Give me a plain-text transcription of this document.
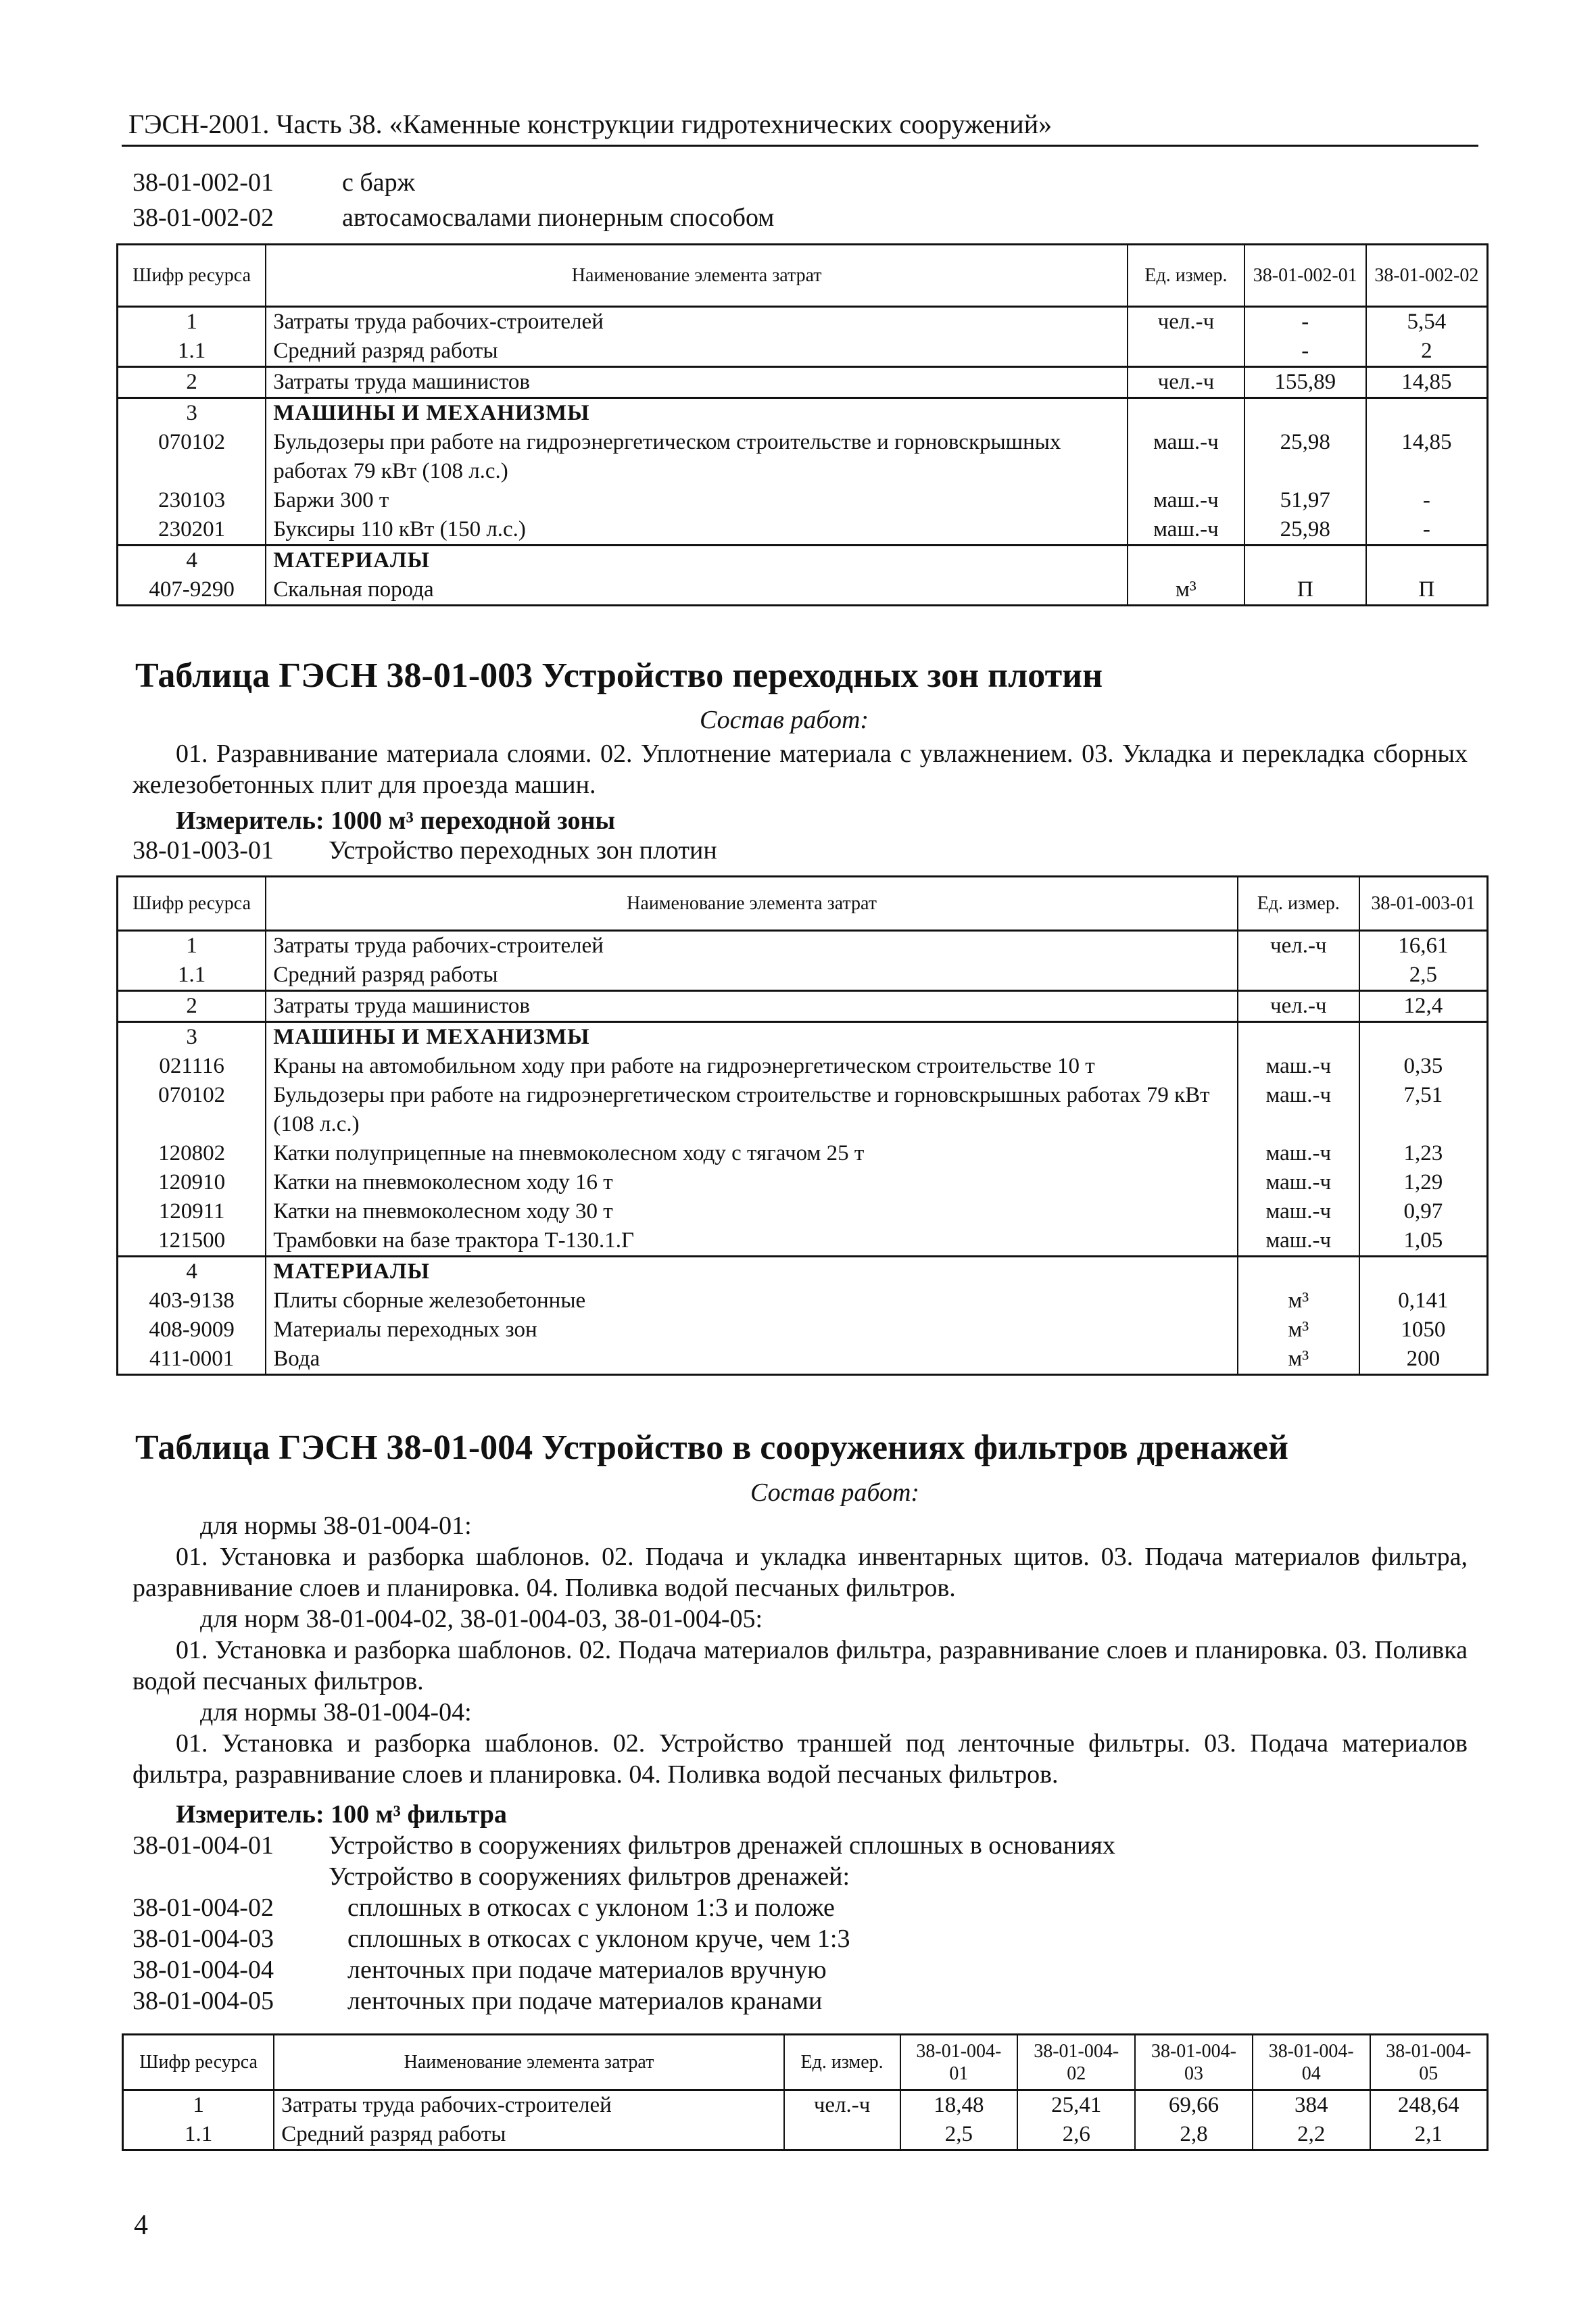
ГЭСН-2001. Часть 38. «Каменные конструкции гидротехнических сооружений»
38-01-002-01	с барж
38-01-002-02	автосамосвалами пионерным способом
Шифр ресурса	Наименование элемента затрат	Ед. измер.	38-01-002-01	38-01-002-02
1	Затраты труда рабочих-строителей	чел.-ч	-	5,54
1.1	Средний разряд работы		-	2
2	Затраты труда машинистов	чел.-ч	155,89	14,85
3	МАШИНЫ И МЕХАНИЗМЫ			
070102	Бульдозеры при работе на гидроэнергетическом строительстве и горновскрышных работах 79 кВт (108 л.с.)	маш.-ч	25,98	14,85
230103	Баржи 300 т	маш.-ч	51,97	-
230201	Буксиры 110 кВт (150 л.с.)	маш.-ч	25,98	-
4	МАТЕРИАЛЫ			
407-9290	Скальная порода	м³	П	П
Таблица ГЭСН 38-01-003 Устройство переходных зон плотин
Состав работ:

01. Разравнивание материала слоями. 02. Уплотнение материала с увлажнением. 03. Укладка и перекладка сборных железобетонных плит для проезда машин.

Измеритель: 1000 м³ переходной зоны
38-01-003-01 Устройство переходных зон плотин
Шифр ресурса	Наименование элемента затрат	Ед. измер.	38-01-003-01
1	Затраты труда рабочих-строителей	чел.-ч	16,61
1.1	Средний разряд работы		2,5
2	Затраты труда машинистов	чел.-ч	12,4
3	МАШИНЫ И МЕХАНИЗМЫ		
021116	Краны на автомобильном ходу при работе на гидроэнергетическом строительстве 10 т	маш.-ч	0,35
070102	Бульдозеры при работе на гидроэнергетическом строительстве и горновскрышных работах 79 кВт (108 л.с.)	маш.-ч	7,51
120802	Катки полуприцепные на пневмоколесном ходу с тягачом 25 т	маш.-ч	1,23
120910	Катки на пневмоколесном ходу 16 т	маш.-ч	1,29
120911	Катки на пневмоколесном ходу 30 т	маш.-ч	0,97
121500	Трамбовки на базе трактора Т-130.1.Г	маш.-ч	1,05
4	МАТЕРИАЛЫ		
403-9138	Плиты сборные железобетонные	м³	0,141
408-9009	Материалы переходных зон	м³	1050
411-0001	Вода	м³	200
Таблица ГЭСН 38-01-004 Устройство в сооружениях фильтров дренажей
Состав работ:

для нормы 38-01-004-01:

01. Установка и разборка шаблонов. 02. Подача и укладка инвентарных щитов. 03. Подача материалов фильтра, разравнивание слоев и планировка. 04. Поливка водой песчаных фильтров.

для норм 38-01-004-02, 38-01-004-03, 38-01-004-05:

01. Установка и разборка шаблонов. 02. Подача материалов фильтра, разравнивание слоев и планировка. 03. Поливка водой песчаных фильтров.

для нормы 38-01-004-04:

01. Установка и разборка шаблонов. 02. Устройство траншей под ленточные фильтры. 03. Подача материалов фильтра, разравнивание слоев и планировка. 04. Поливка водой песчаных фильтров.

Измеритель: 100 м³ фильтра
38-01-004-01 Устройство в сооружениях фильтров дренажей сплошных в основаниях
Устройство в сооружениях фильтров дренажей:
38-01-004-02	сплошных в откосах с уклоном 1:3 и положе
38-01-004-03	сплошных в откосах с уклоном круче, чем 1:3
38-01-004-04	ленточных при подаче материалов вручную
38-01-004-05	ленточных при подаче материалов кранами
Шифр ресурса	Наименование элемента затрат	Ед. измер.	38-01-004-01	38-01-004-02	38-01-004-03	38-01-004-04	38-01-004-05
1	Затраты труда рабочих-строителей	чел.-ч	18,48	25,41	69,66	384	248,64
1.1	Средний разряд работы		2,5	2,6	2,8	2,2	2,1
4
